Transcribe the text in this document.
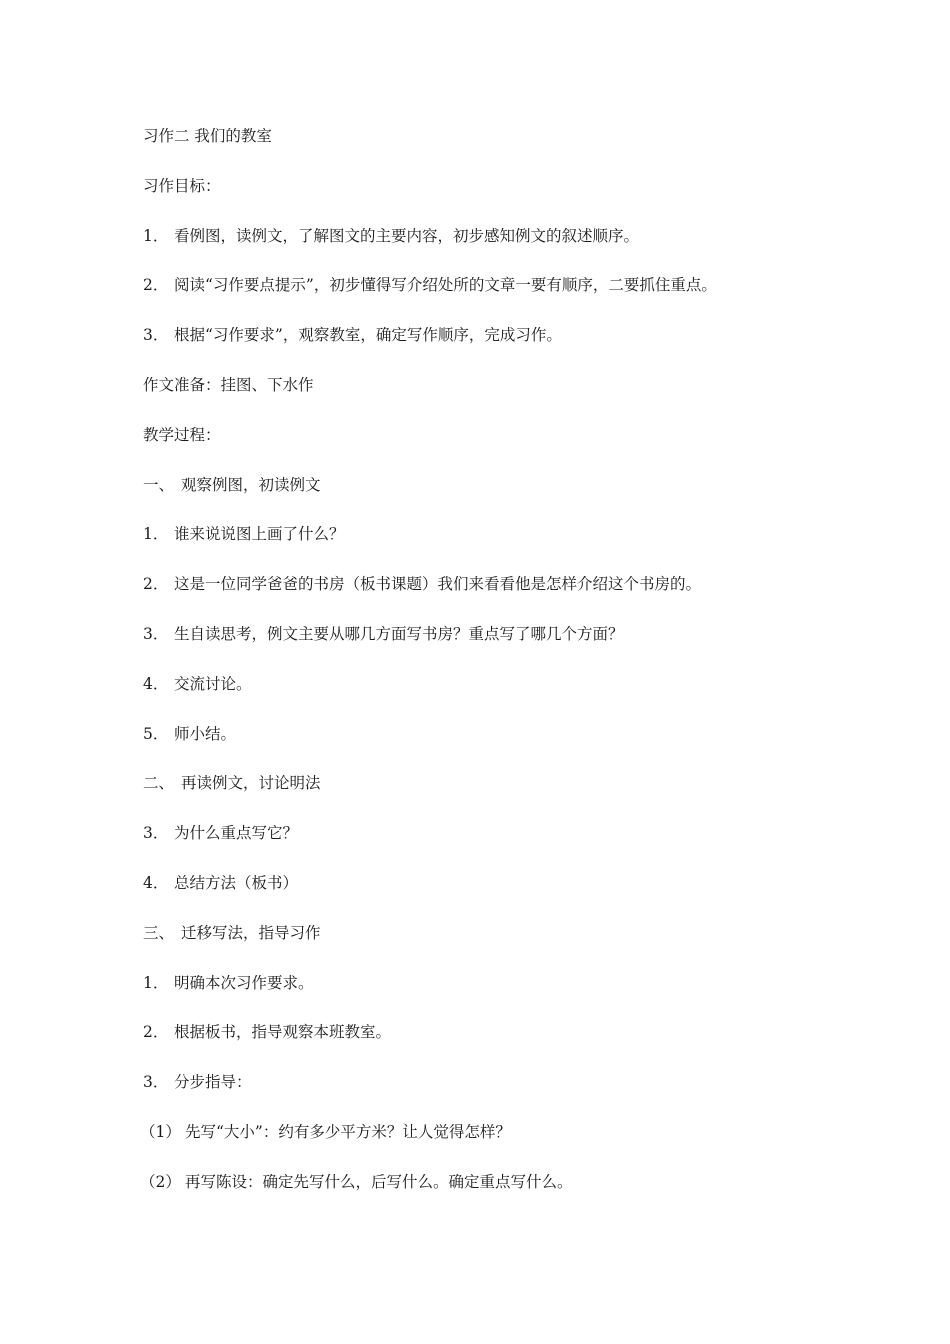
习作二 我们的教室
习作目标：
1． 看例图，读例文，了解图文的主要内容，初步感知例文的叙述顺序。
2． 阅读“习作要点提示”，初步懂得写介绍处所的文章一要有顺序，二要抓住重点。
3． 根据“习作要求”，观察教室，确定写作顺序，完成习作。
作文准备：挂图、下水作
教学过程：
一、 观察例图，初读例文
1． 谁来说说图上画了什么？
2． 这是一位同学爸爸的书房（板书课题）我们来看看他是怎样介绍这个书房的。
3． 生自读思考，例文主要从哪几方面写书房？重点写了哪几个方面？
4． 交流讨论。
5． 师小结。
二、 再读例文，讨论明法
3． 为什么重点写它？
4． 总结方法（板书）
三、 迁移写法，指导习作
1． 明确本次习作要求。
2． 根据板书，指导观察本班教室。
3． 分步指导：
（1） 先写“大小”：约有多少平方米？让人觉得怎样？
（2） 再写陈设：确定先写什么，后写什么。确定重点写什么。
